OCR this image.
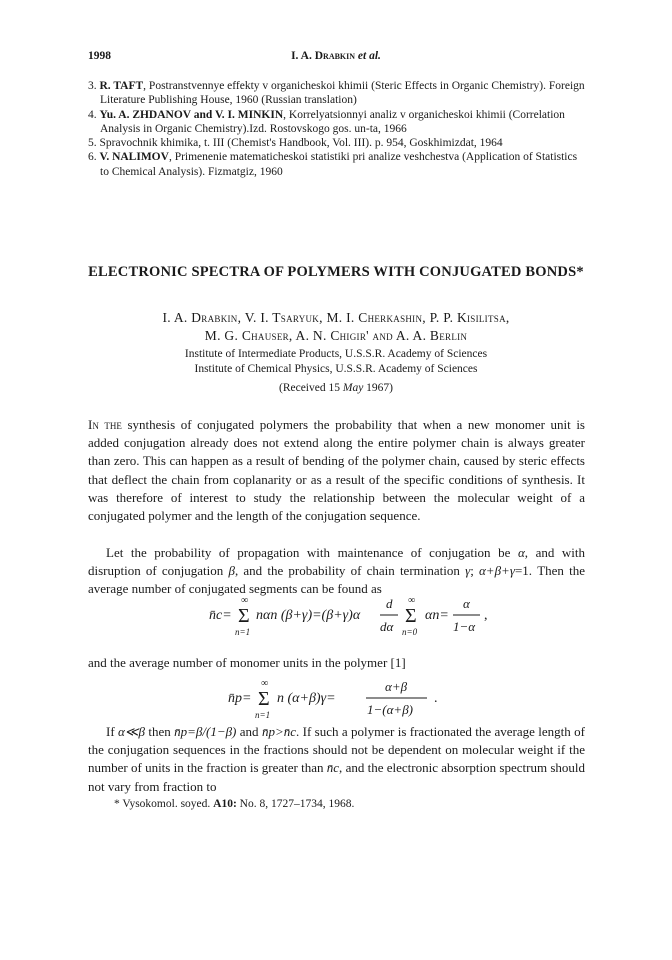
1998	I. A. Drabkin et al.
3. R. TAFT, Postranstvennye effekty v organicheskoi khimii (Steric Effects in Organic Chemistry). Foreign Literature Publishing House, 1960 (Russian translation)
4. Yu. A. ZHDANOV and V. I. MINKIN, Korrelyatsionnyi analiz v organicheskoi khimii (Correlation Analysis in Organic Chemistry).Izd. Rostovskogo gos. un-ta, 1966
5. Spravochnik khimika, t. III (Chemist's Handbook, Vol. III). p. 954, Goskhimizdat, 1964
6. V. NALIMOV, Primenenie matematicheskoi statistiki pri analize veshchestva (Application of Statistics to Chemical Analysis). Fizmatgiz, 1960
ELECTRONIC SPECTRA OF POLYMERS WITH CONJUGATED BONDS*
I. A. Drabkin, V. I. Tsaryuk, M. I. Cherkashin, P. P. Kisilitsa,
M. G. Chauser, A. N. Chigir' and A. A. Berlin
Institute of Intermediate Products, U.S.S.R. Academy of Sciences
Institute of Chemical Physics, U.S.S.R. Academy of Sciences
(Received 15 May 1967)

In the synthesis of conjugated polymers the probability that when a new monomer unit is added conjugation already does not extend along the entire polymer chain is always greater than zero. This can happen as a result of bending of the polymer chain, caused by steric effects that deflect the chain from coplanarity or as a result of the specific conditions of synthesis. It was therefore of interest to study the relationship between the molecular weight of a conjugated polymer and the length of the conjugation sequence.

Let the probability of propagation with maintenance of conjugation be α, and with disruption of conjugation β, and the probability of chain termination γ; α+β+γ=1. Then the average number of conjugated segments can be found as

n̄c=
∞
Σ
n=1
nαn (β+γ)=(β+γ)α
d
dα
∞
Σ
n=0
αn=
α
1−α
,

and the average number of monomer units in the polymer [1]

n̄p=
∞
Σ
n=1
n (α+β)γ=
α+β
1−(α+β)
.

If α≪β then n̄p=β/(1−β) and n̄p>n̄c. If such a polymer is fractionated the average length of the conjugation sequences in the fractions should not be dependent on molecular weight if the number of units in the fraction is greater than n̄c, and the electronic absorption spectrum should not vary from fraction to

* Vysokomol. soyed. A10: No. 8, 1727–1734, 1968.
